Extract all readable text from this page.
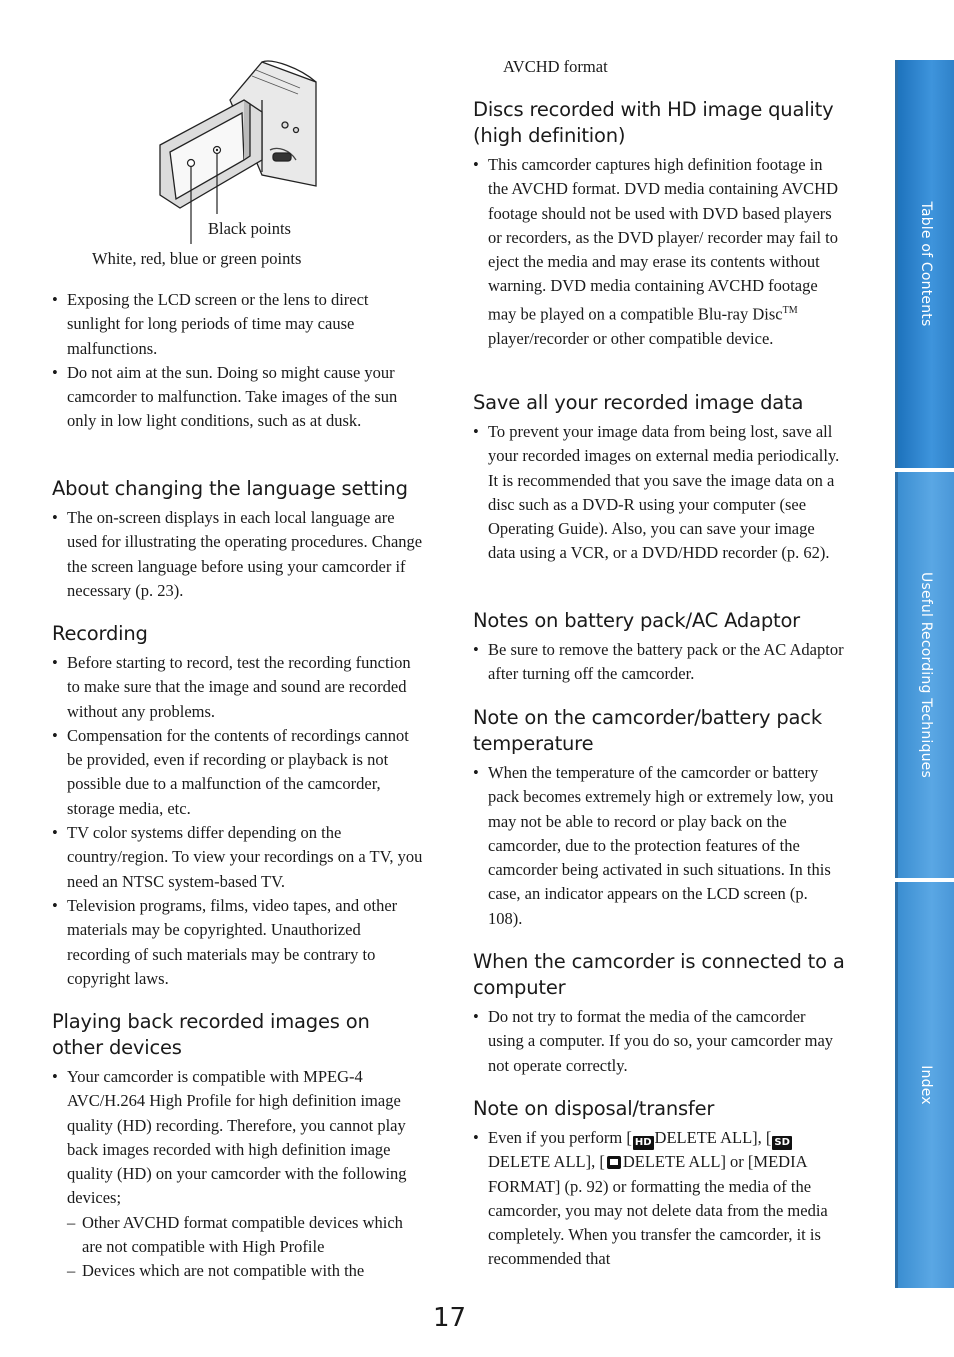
Black points
White, red, blue or green points
• Exposing the LCD screen or the lens to direct sunlight for long periods of time may cause malfunctions.
• Do not aim at the sun. Doing so might cause your camcorder to malfunction. Take images of the sun only in low light conditions, such as at dusk.
About changing the language setting
• The on-screen displays in each local language are used for illustrating the operating procedures. Change the screen language before using your camcorder if necessary (p. 23).
Recording
• Before starting to record, test the recording function to make sure that the image and sound are recorded without any problems.
• Compensation for the contents of recordings cannot be provided, even if recording or playback is not possible due to a malfunction of the camcorder, storage media, etc.
• TV color systems differ depending on the country/region. To view your recordings on a TV, you need an NTSC system-based TV.
• Television programs, films, video tapes, and other materials may be copyrighted. Unauthorized recording of such materials may be contrary to copyright laws.
Playing back recorded images on other devices
• Your camcorder is compatible with MPEG-4 AVC/H.264 High Profile for high definition image quality (HD) recording. Therefore, you cannot play back images recorded with high definition image quality (HD) on your camcorder with the following devices;
– Other AVCHD format compatible devices which are not compatible with High Profile
– Devices which are not compatible with the
AVCHD format
Discs recorded with HD image quality (high definition)
• This camcorder captures high definition footage in the AVCHD format. DVD media containing AVCHD footage should not be used with DVD based players or recorders, as the DVD player/ recorder may fail to eject the media and may erase its contents without warning. DVD media containing AVCHD footage may be played on a compatible Blu-ray Disc™ player/recorder or other compatible device.
Save all your recorded image data
• To prevent your image data from being lost, save all your recorded images on external media periodically. It is recommended that you save the image data on a disc such as a DVD-R using your computer (see Operating Guide). Also, you can save your image data using a VCR, or a DVD/HDD recorder (p. 62).
Notes on battery pack/AC Adaptor
• Be sure to remove the battery pack or the AC Adaptor after turning off the camcorder.
Note on the camcorder/battery pack temperature
• When the temperature of the camcorder or battery pack becomes extremely high or extremely low, you may not be able to record or play back on the camcorder, due to the protection features of the camcorder being activated in such situations. In this case, an indicator appears on the LCD screen (p. 108).
When the camcorder is connected to a computer
• Do not try to format the media of the camcorder using a computer. If you do so, your camcorder may not operate correctly.
Note on disposal/transfer
• Even if you perform [ HD DELETE ALL], [ SDDELETE ALL], [ DELETE ALL] or [MEDIA FORMAT] (p. 92) or formatting the media of the camcorder, you may not delete data from the media completely. When you transfer the camcorder, it is recommended that
Table of Contents
Useful Recording Techniques
Index
17
